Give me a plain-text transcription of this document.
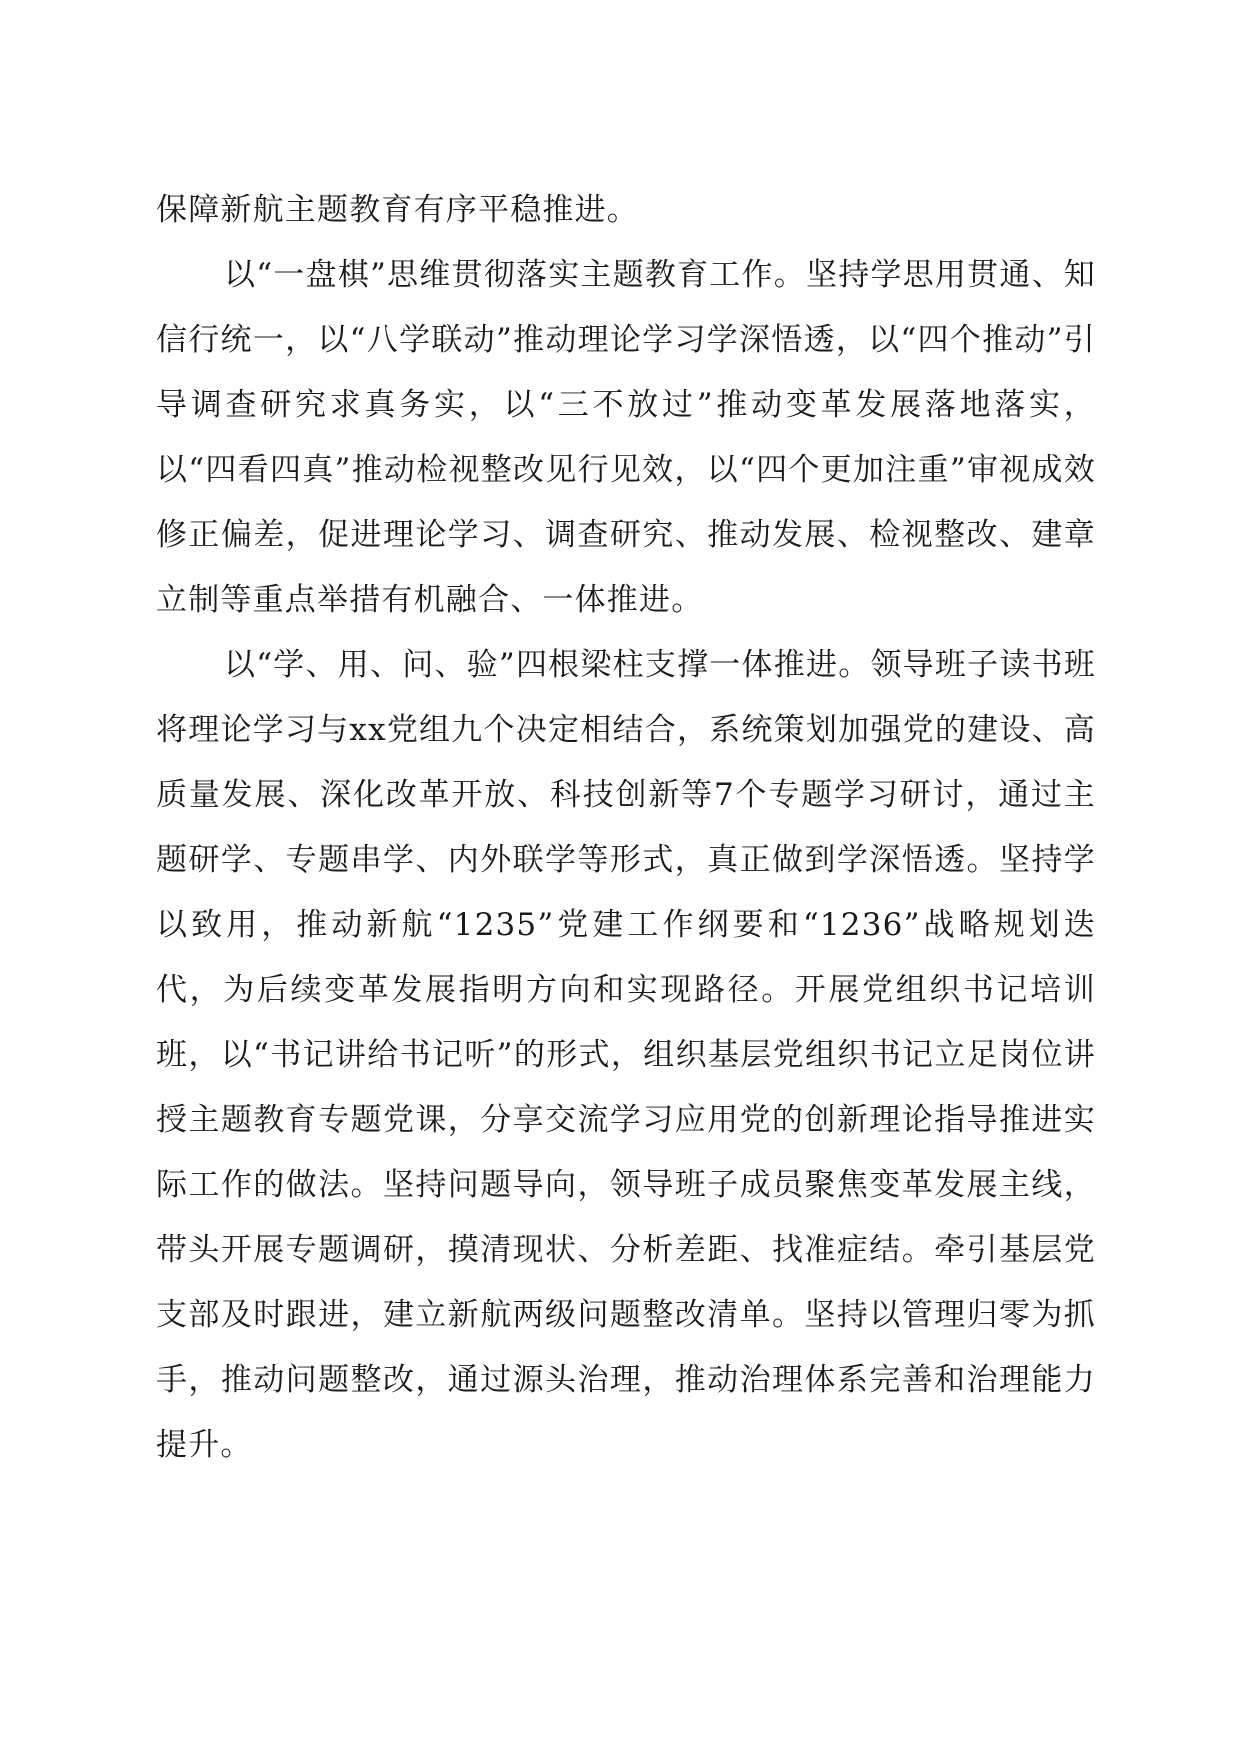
保障新航主题教育有序平稳推进。

以“一盘棋”思维贯彻落实主题教育工作。坚持学思用贯通、知信行统一，以“八学联动”推动理论学习学深悟透，以“四个推动”引导调查研究求真务实，以“三不放过”推动变革发展落地落实，以“四看四真”推动检视整改见行见效，以“四个更加注重”审视成效修正偏差，促进理论学习、调查研究、推动发展、检视整改、建章立制等重点举措有机融合、一体推进。

以“学、用、问、验”四根梁柱支撑一体推进。领导班子读书班将理论学习与xx党组九个决定相结合，系统策划加强党的建设、高质量发展、深化改革开放、科技创新等7个专题学习研讨，通过主题研学、专题串学、内外联学等形式，真正做到学深悟透。坚持学以致用，推动新航“1235”党建工作纲要和“1236”战略规划迭代，为后续变革发展指明方向和实现路径。开展党组织书记培训班，以“书记讲给书记听”的形式，组织基层党组织书记立足岗位讲授主题教育专题党课，分享交流学习应用党的创新理论指导推进实际工作的做法。坚持问题导向，领导班子成员聚焦变革发展主线，带头开展专题调研，摸清现状、分析差距、找准症结。牵引基层党支部及时跟进，建立新航两级问题整改清单。坚持以管理归零为抓手，推动问题整改，通过源头治理，推动治理体系完善和治理能力提升。
